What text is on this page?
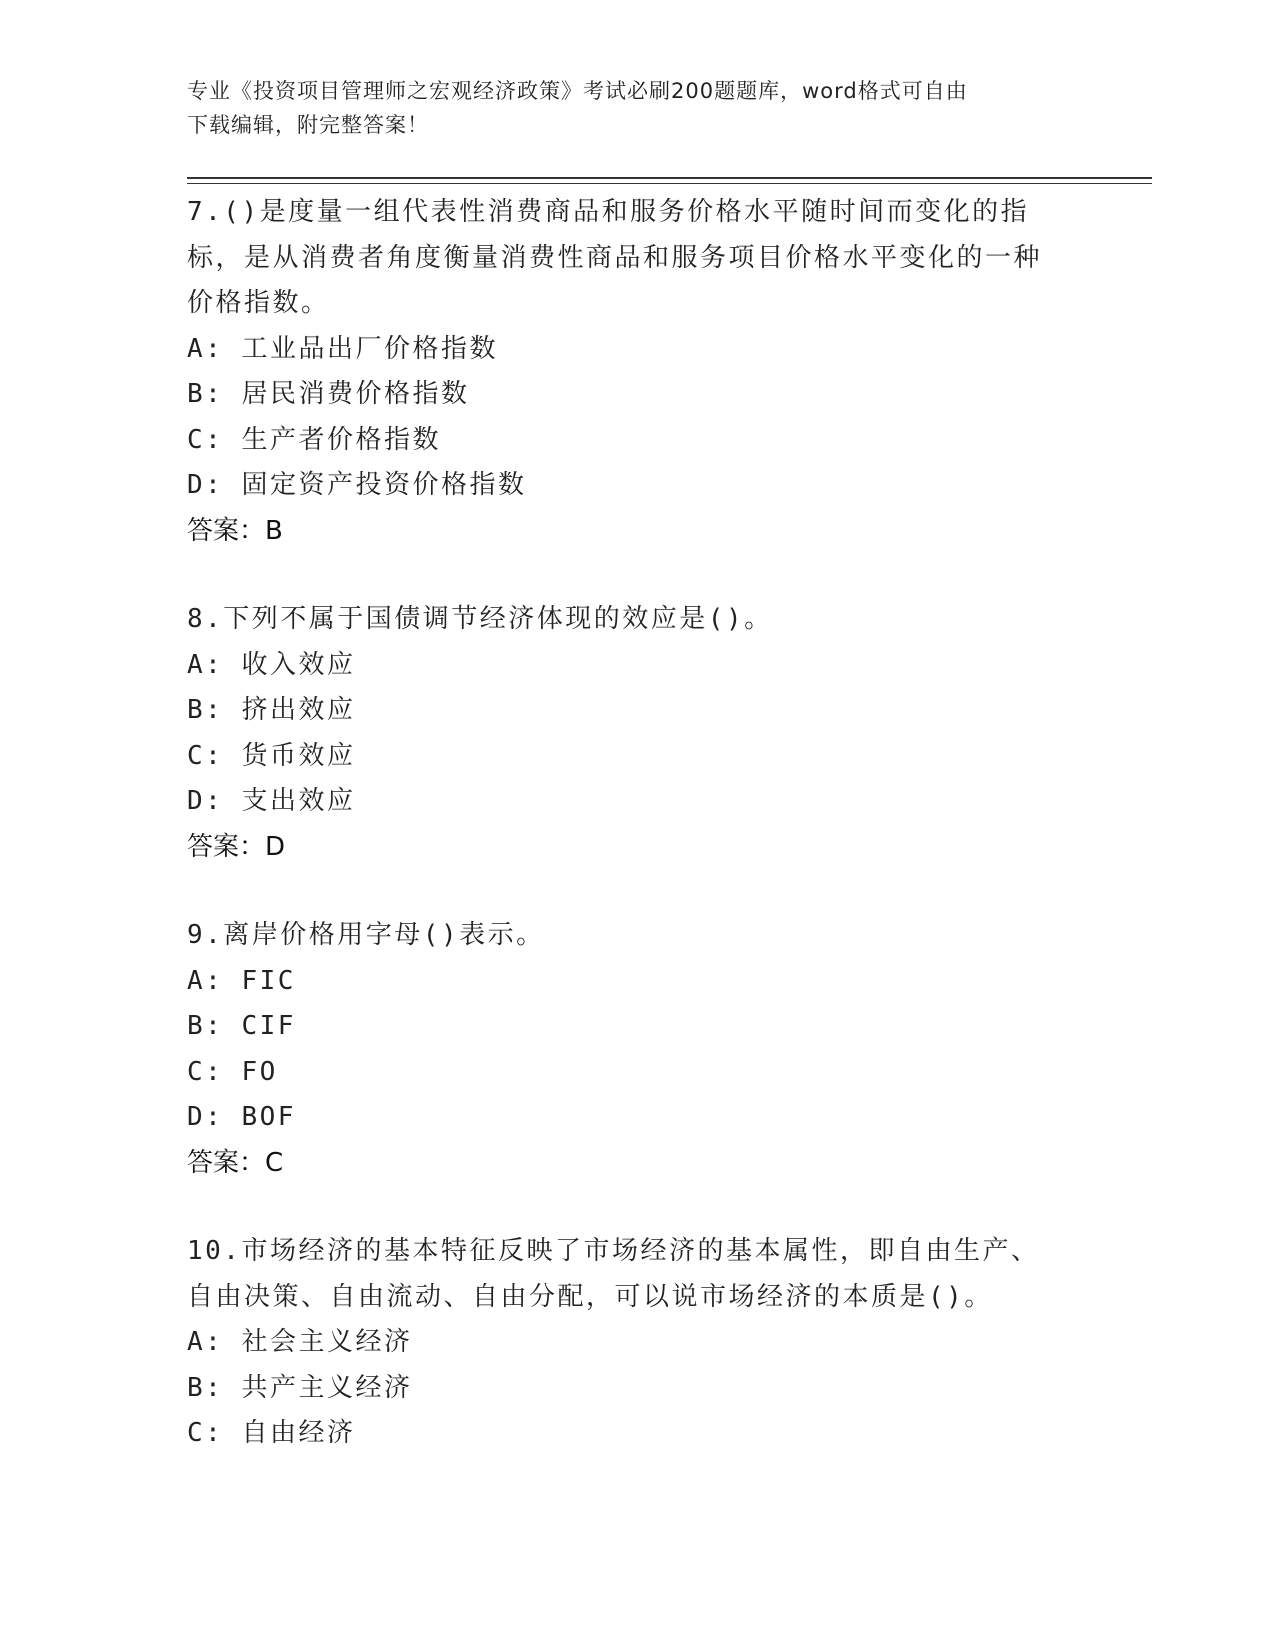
专业《投资项目管理师之宏观经济政策》考试必刷200题题库，word格式可自由
下载编辑，附完整答案！

7.()是度量一组代表性消费商品和服务价格水平随时间而变化的指标，是从消费者角度衡量消费性商品和服务项目价格水平变化的一种价格指数。

A: 工业品出厂价格指数

B: 居民消费价格指数

C: 生产者价格指数

D: 固定资产投资价格指数

答案：B

8.下列不属于国债调节经济体现的效应是()。

A: 收入效应

B: 挤出效应

C: 货币效应

D: 支出效应

答案：D

9.离岸价格用字母()表示。

A: FIC

B: CIF

C: FO

D: BOF

答案：C

10.市场经济的基本特征反映了市场经济的基本属性，即自由生产、自由决策、自由流动、自由分配，可以说市场经济的本质是()。

A: 社会主义经济

B: 共产主义经济

C: 自由经济
